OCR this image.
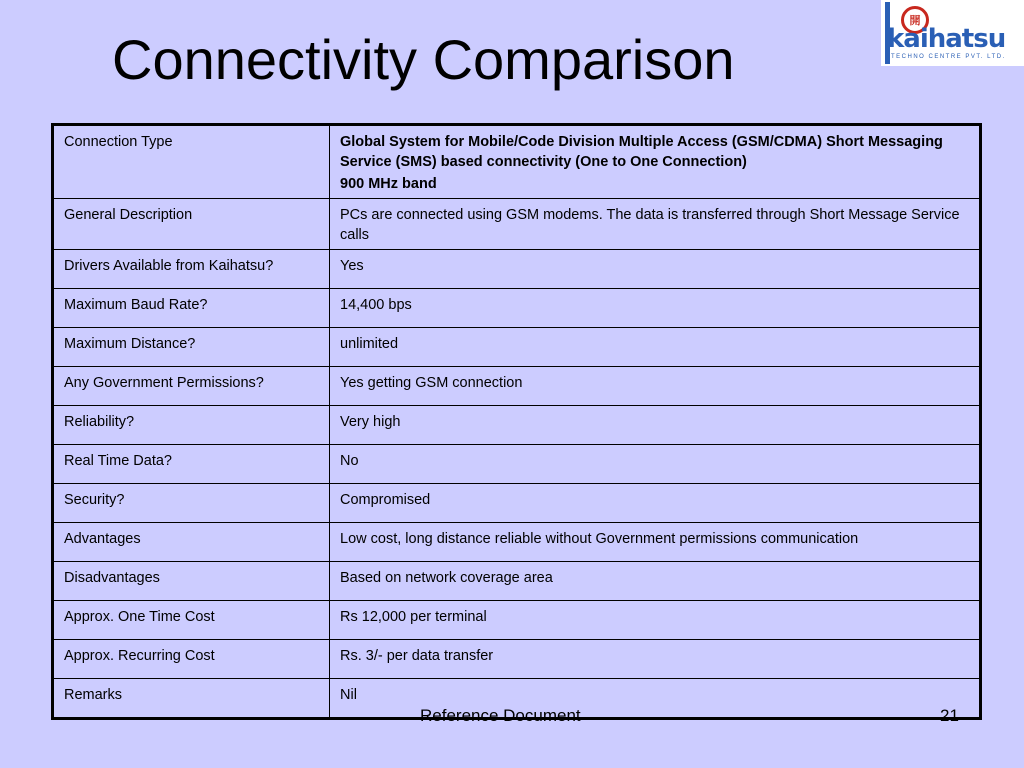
Connectivity Comparison
開
kaihatsu
TECHNO CENTRE PVT. LTD.
Connection Type	Global System for Mobile/Code Division Multiple Access (GSM/CDMA) Short Messaging Service (SMS) based connectivity (One to One Connection)
900 MHz band

General Description	PCs are connected using GSM modems. The data is transferred through Short Message Service calls
Drivers Available from Kaihatsu?	Yes
Maximum Baud Rate?	14,400 bps
Maximum Distance?	unlimited
Any Government Permissions?	Yes getting GSM connection
Reliability?	Very high
Real Time Data?	No
Security?	Compromised
Advantages	Low cost, long distance reliable without Government permissions communication
Disadvantages	Based on network coverage area
Approx. One Time Cost	Rs 12,000 per terminal
Approx. Recurring Cost	Rs. 3/- per data transfer
Remarks	Nil
Reference Document	21
